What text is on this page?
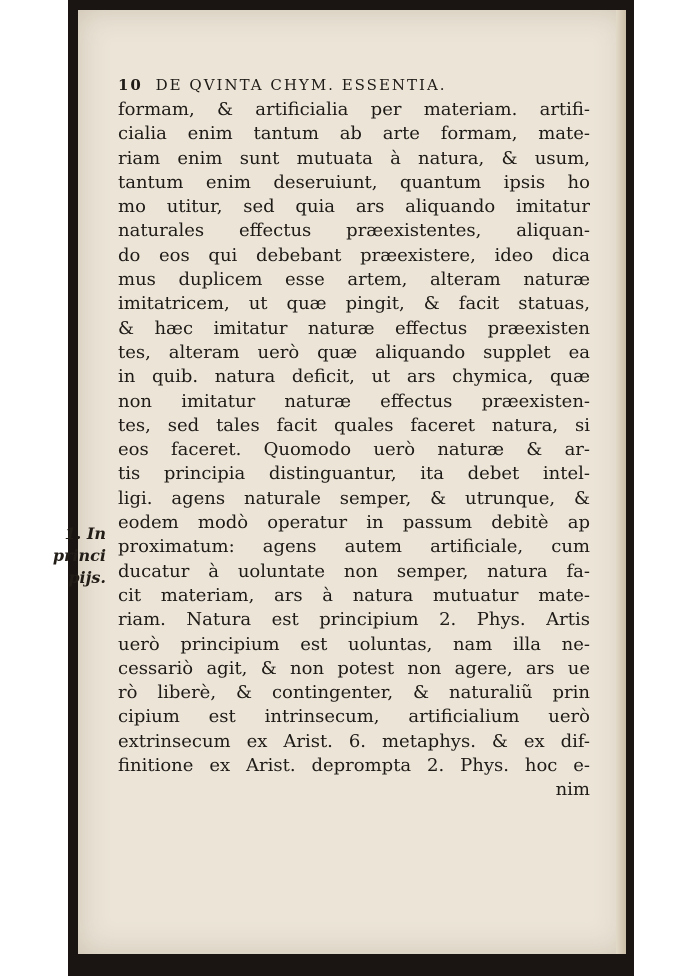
10 DE QVINTA CHYM. ESSENTIA.
1. In princi
pijs.
formam, & artificialia per materiam. artifi-
cialia enim tantum ab arte formam, mate-
riam enim sunt mutuata à natura, & usum,
tantum enim deseruiunt, quantum ipsis ho
mo utitur, sed quia ars aliquando imitatur
naturales effectus præexistentes, aliquan-
do eos qui debebant præexistere, ideo dica
mus duplicem esse artem, alteram naturæ
imitatricem, ut quæ pingit, & facit statuas,
& hæc imitatur naturæ effectus præexisten
tes, alteram uerò quæ aliquando supplet ea
in quib. natura deficit, ut ars chymica, quæ
non imitatur naturæ effectus præexisten-
tes, sed tales facit quales faceret natura, si
eos faceret. Quomodo uerò naturæ & ar-
tis principia distinguantur, ita debet intel-
ligi. agens naturale semper, & utrunque, &
eodem modò operatur in passum debitè ap
proximatum: agens autem artificiale, cum
ducatur à uoluntate non semper, natura fa-
cit materiam, ars à natura mutuatur mate-
riam. Natura est principium 2. Phys. Artis
uerò principium est uoluntas, nam illa ne-
cessariò agit, & non potest non agere, ars ue
rò liberè, & contingenter, & naturaliũ prin
cipium est intrinsecum, artificialium uerò
extrinsecum ex Arist. 6. metaphys. & ex dif-
finitione ex Arist. deprompta 2. Phys. hoc e-
nim
